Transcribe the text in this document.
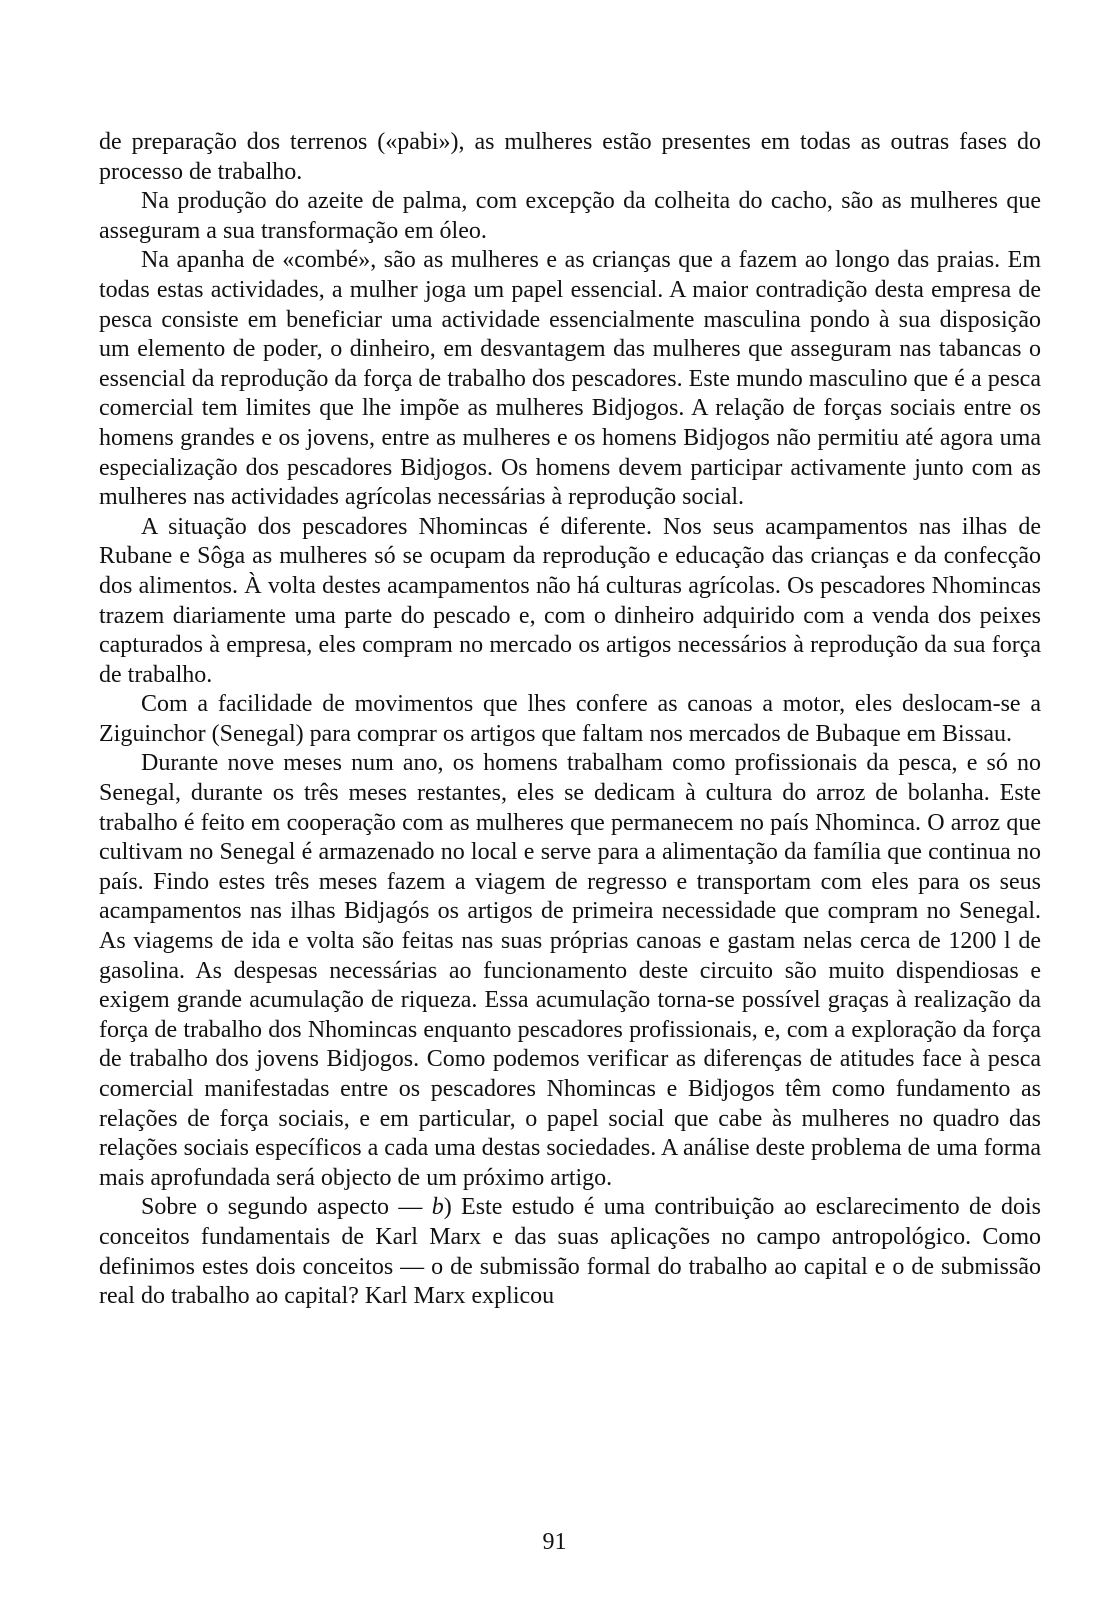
de preparação dos terrenos («pabi»), as mulheres estão presentes em todas as outras fases do processo de trabalho.

Na produção do azeite de palma, com excepção da colheita do cacho, são as mulheres que asseguram a sua transformação em óleo.

Na apanha de «combé», são as mulheres e as crianças que a fazem ao longo das praias. Em todas estas actividades, a mulher joga um papel essencial. A maior contradição desta empresa de pesca consiste em beneficiar uma actividade essencialmente masculina pondo à sua disposição um elemento de poder, o dinheiro, em desvantagem das mulheres que asseguram nas tabancas o essencial da reprodução da força de trabalho dos pescadores. Este mundo masculino que é a pesca comercial tem limites que lhe impõe as mulheres Bidjogos. A relação de forças sociais entre os homens grandes e os jovens, entre as mulheres e os homens Bidjogos não permitiu até agora uma especialização dos pescadores Bidjogos. Os homens devem participar activamente junto com as mulheres nas actividades agrícolas necessárias à reprodução social.

A situação dos pescadores Nhomincas é diferente. Nos seus acampamentos nas ilhas de Rubane e Sôga as mulheres só se ocupam da reprodução e educação das crianças e da confecção dos alimentos. À volta destes acampamentos não há culturas agrícolas. Os pescadores Nhomincas trazem diariamente uma parte do pescado e, com o dinheiro adquirido com a venda dos peixes capturados à empresa, eles compram no mercado os artigos necessários à reprodução da sua força de trabalho.

Com a facilidade de movimentos que lhes confere as canoas a motor, eles deslocam-se a Ziguinchor (Senegal) para comprar os artigos que faltam nos mercados de Bubaque em Bissau.

Durante nove meses num ano, os homens trabalham como profissionais da pesca, e só no Senegal, durante os três meses restantes, eles se dedicam à cultura do arroz de bolanha. Este trabalho é feito em cooperação com as mulheres que permanecem no país Nhominca. O arroz que cultivam no Senegal é armazenado no local e serve para a alimentação da família que continua no país. Findo estes três meses fazem a viagem de regresso e transportam com eles para os seus acampamentos nas ilhas Bidjagós os artigos de primeira necessidade que compram no Senegal. As viagems de ida e volta são feitas nas suas próprias canoas e gastam nelas cerca de 1200 l de gasolina. As despesas necessárias ao funcionamento deste circuito são muito dispendiosas e exigem grande acumulação de riqueza. Essa acumulação torna-se possível graças à realização da força de trabalho dos Nhomincas enquanto pescadores profissionais, e, com a exploração da força de trabalho dos jovens Bidjogos. Como podemos verificar as diferenças de atitudes face à pesca comercial manifestadas entre os pescadores Nhomincas e Bidjogos têm como fundamento as relações de força sociais, e em particular, o papel social que cabe às mulheres no quadro das relações sociais específicos a cada uma destas sociedades. A análise deste problema de uma forma mais aprofundada será objecto de um próximo artigo.

Sobre o segundo aspecto — b) Este estudo é uma contribuição ao esclarecimento de dois conceitos fundamentais de Karl Marx e das suas aplicações no campo antropológico. Como definimos estes dois conceitos — o de submissão formal do trabalho ao capital e o de submissão real do trabalho ao capital? Karl Marx explicou

91
